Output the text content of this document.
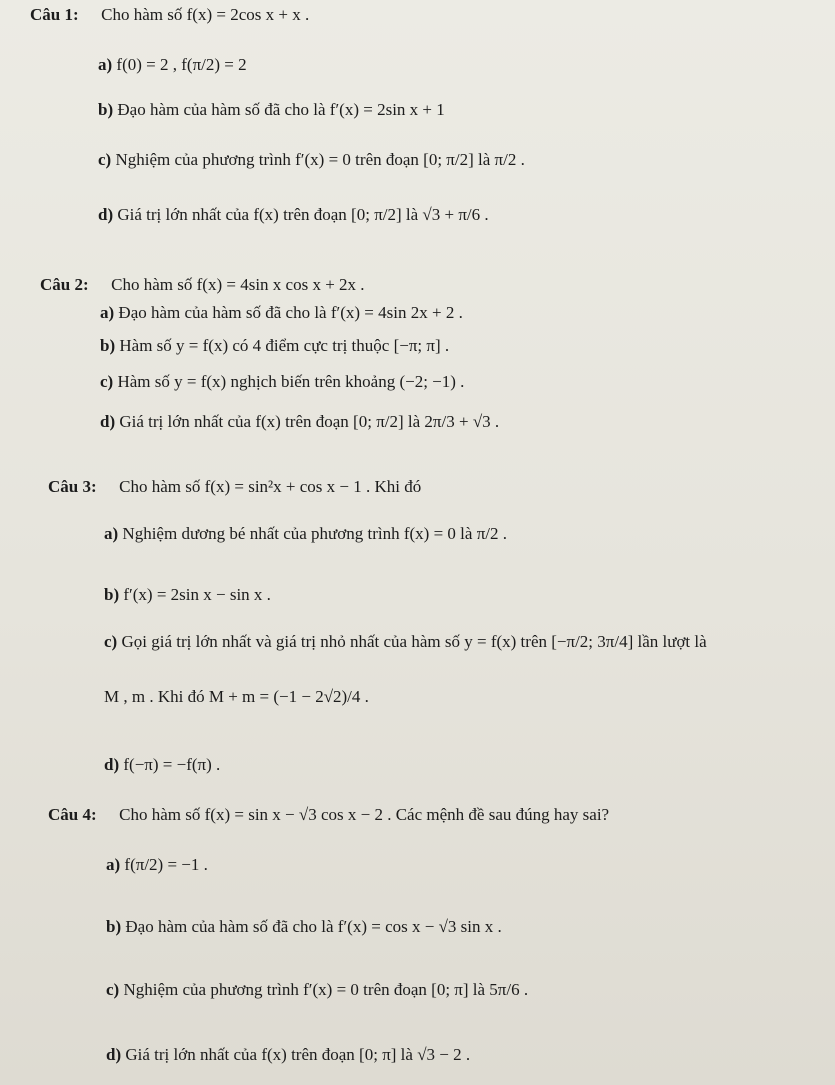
Câu 1: Cho hàm số f(x) = 2cos x + x .
a) f(0) = 2 , f(π/2) = 2
b) Đạo hàm của hàm số đã cho là f′(x) = 2sin x + 1
c) Nghiệm của phương trình f′(x) = 0 trên đoạn [0; π/2] là π/2 .
d) Giá trị lớn nhất của f(x) trên đoạn [0; π/2] là √3 + π/6 .
Câu 2: Cho hàm số f(x) = 4sin x cos x + 2x .
a) Đạo hàm của hàm số đã cho là f′(x) = 4sin 2x + 2 .
b) Hàm số y = f(x) có 4 điểm cực trị thuộc [−π; π] .
c) Hàm số y = f(x) nghịch biến trên khoảng (−2; −1) .
d) Giá trị lớn nhất của f(x) trên đoạn [0; π/2] là 2π/3 + √3 .
Câu 3: Cho hàm số f(x) = sin²x + cos x − 1 . Khi đó
a) Nghiệm dương bé nhất của phương trình f(x) = 0 là π/2 .
b) f′(x) = 2sin x − sin x .
c) Gọi giá trị lớn nhất và giá trị nhỏ nhất của hàm số y = f(x) trên [−π/2; 3π/4] lần lượt là
M , m . Khi đó M + m = (−1 − 2√2)/4 .
d) f(−π) = −f(π) .
Câu 4: Cho hàm số f(x) = sin x − √3 cos x − 2 . Các mệnh đề sau đúng hay sai?
a) f(π/2) = −1 .
b) Đạo hàm của hàm số đã cho là f′(x) = cos x − √3 sin x .
c) Nghiệm của phương trình f′(x) = 0 trên đoạn [0; π] là 5π/6 .
d) Giá trị lớn nhất của f(x) trên đoạn [0; π] là √3 − 2 .
